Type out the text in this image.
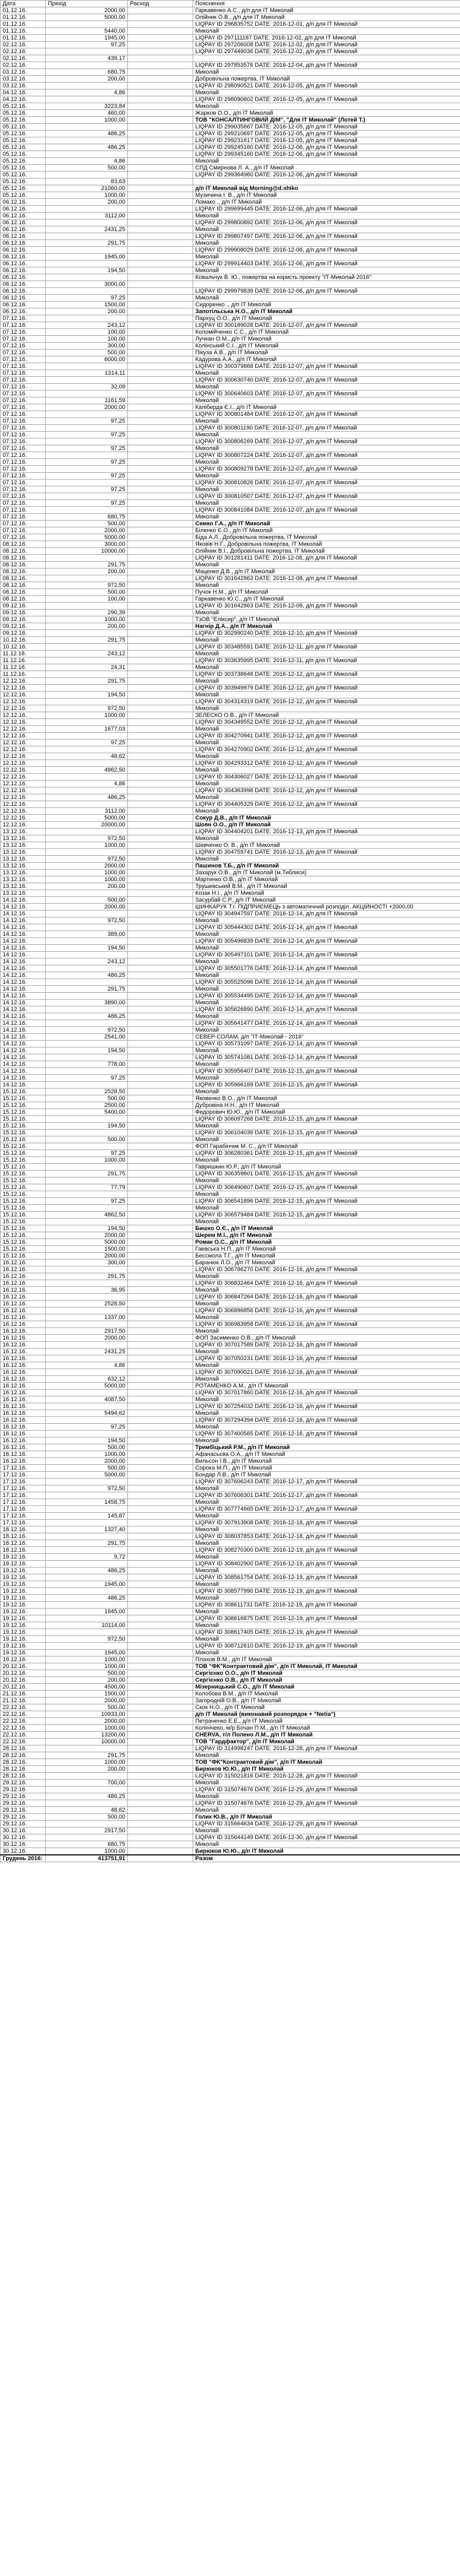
Дата	Прихід	Расход	Пояснення
01.12.16.	2000,00		Гаркавенко А.С., д/п для ІТ Миколай
01.12.16.	5000,00		Олійник О.В., д/п для ІТ Миколай
01.12.16.			LIQPAY ID 296835752 DATE: 2016-12-01, д/п для ІТ Миколай
01.12.16.	5440,00		Миколай
01.12.16.	1945,00		LIQPAY ID 297111187 DATE: 2016-12-02, д/п для ІТ Миколай
02.12.16.	97,25		LIQPAY ID 297206008 DATE: 2016-12-02, д/п для ІТ Миколай
02.12.16.			LIQPAY ID 297449036 DATE: 2016-12-02, д/п для ІТ Миколай
02.12.16.	439,17		
02.12.16.			LIQPAY ID 297853576 DATE: 2016-12-04, д/п для ІТ Миколай
03.12.16.	680,75		Миколай
03.12.16.	200,00		Добровільна пожертва, ІТ Миколай
03.12.16.			LIQPAY ID 298090521 DATE: 2016-12-05, д/п для ІТ Миколай
04.12.16.	4,86		Миколай
04.12.16.			LIQPAY ID 298090602 DATE: 2016-12-05, д/п для ІТ Миколай
05.12.16.	3223,84		Миколай
05.12.16.	460,00		Жарков О.О., д/п ІТ Миколай
05.12.16.	1000,00		ТОВ "КОНСАЛТИНГОВИЙ ДІМ", "Для ІТ Миколай" (Лотей Т.)
05.12.16.			LIQPAY ID 299035667 DATE: 2016-12-05, д/п для ІТ Миколай
05.12.16.	486,25		LIQPAY ID 299210697 DATE: 2016-12-05, д/п для ІТ Миколай
05.12.16.			LIQPAY ID 299231617 DATE: 2016-12-05, д/п для ІТ Миколай
05.12.16.	486,25		LIQPAY ID 299245160 DATE: 2016-12-06, д/п для ІТ Миколай
05.12.16.			LIQPAY ID 299345160 DATE: 2016-12-06, д/п для ІТ Миколай
05.12.16.	4,86		Миколай
05.12.16.	500,00		СПД Смирнова Л. А., д/п ІТ Миколай
05.12.16.			LIQPAY ID 299364960 DATE: 2016-12-06, д/п для ІТ Миколай
05.12.16.	83,63		
05.12.16.	21060,00		д/п ІТ Миколай від Morning@d.shiko
05.12.16.	1000,00		Музичина І. В., д/п ІТ Миколай
06.12.16.	200,00		Ломако ., д/п ІТ Миколай
06.12.16.			LIQPAY ID 299699445 DATE: 2016-12-06, д/п для ІТ Миколай
06.12.16.	3112,00		Миколай
06.12.16.			LIQPAY ID 299800892 DATE: 2016-12-06, д/п для ІТ Миколай
06.12.16.	2431,25		Миколай
06.12.16.			LIQPAY ID 299807497 DATE: 2016-12-06, д/п для ІТ Миколай
06.12.16.	291,75		Миколай
06.12.16.			LIQPAY ID 299908029 DATE: 2016-12-06, д/п для ІТ Миколай
06.12.16.	1945,00		Миколай
06.12.16.			LIQPAY ID 299914403 DATE: 2016-12-06, д/п для ІТ Миколай
06.12.16.	194,50		Миколай
06.12.16.			Ковальчук В. Ю., пожертва на користь проекту "ІТ-Миколай 2016"
06.12.16.	3000,00		
06.12.16.			LIQPAY ID 299979839 DATE: 2016-12-06, д/п для ІТ Миколай
06.12.16.	97,25		Миколай
06.12.16.	1500,00		Сидоренко ., д/п ІТ Миколай
06.12.16.	200,00		Запотільська Н.О., д/п ІТ Миколай
07.12.16.			Пархуц О.О., д/п ІТ Миколай
07.12.16.	243,12		LIQPAY ID 300189028 DATE: 2016-12-07, д/п для ІТ Миколай
07.12.16.	100,00		Коломійченко С.С., д/п ІТ Миколай
07.12.16.	100,00		Лучкан О.М., д/п ІТ Миколай
07.12.16.	300,00		Колінський С.І., д/п ІТ Миколай
07.12.16.	500,00		Пікуза А.В., д/п ІТ Миколай
07.12.16.	6000,00		Кадурова А.А., д/п ІТ Миколай
07.12.16.			LIQPAY ID 300379868 DATE: 2016-12-07, д/п для ІТ Миколай
07.12.16.	1314,11		Миколай
07.12.16.			LIQPAY ID 300630740 DATE: 2016-12-07, д/п для ІТ Миколай
07.12.16.	32,09		Миколай
07.12.16.			LIQPAY ID 300640603 DATE: 2016-12-07, д/п для ІТ Миколай
07.12.16.	1161,59		Миколай
07.12.16.	2000,00		Каліберда Є.І., д/п ІТ Миколай
07.12.16.			LIQPAY ID 300801484 DATE: 2016-12-07, д/п для ІТ Миколай
07.12.16.	97,25		Миколай
07.12.16.			LIQPAY ID 300801190 DATE: 2016-12-07, д/п для ІТ Миколай
07.12.16.	97,25		Миколай
07.12.16.			LIQPAY ID 300806269 DATE: 2016-12-07, д/п для ІТ Миколай
07.12.16.	97,25		Миколай
07.12.16.			LIQPAY ID 300807224 DATE: 2016-12-07, д/п для ІТ Миколай
07.12.16.	97,25		Миколай
07.12.16.			LIQPAY ID 300809278 DATE: 2016-12-07, д/п для ІТ Миколай
07.12.16.	97,25		Миколай
07.12.16.			LIQPAY ID 300810826 DATE: 2016-12-07, д/п для ІТ Миколай
07.12.16.	97,25		Миколай
07.12.16.			LIQPAY ID 300810507 DATE: 2016-12-07, д/п для ІТ Миколай
07.12.16.	97,25		Миколай
07.12.16.			LIQPAY ID 300841084 DATE: 2016-12-07, д/п для ІТ Миколай
07.12.16.	680,75		Миколай
07.12.16.	500,00		Семко Г.А., д/п ІТ Миколай
07.12.16.	2000,00		Біленко Є.О., д/п ІТ Миколай
07.12.16.	5000,00		Біда А.Л., Добровільна пожертва, ІТ Миколай
08.12.16.	3000,00		Яковів Н.Г., Добровільна пожертва, ІТ Миколай
08.12.16.	10000,00		Олійник В.І., Добровільна пожертва, ІТ Миколай
08.12.16.			LIQPAY ID 301281411 DATE: 2016-12-08, д/п для ІТ Миколай
08.12.16.	291,75		Миколай
08.12.16.	200,00		Маценко Д.В., д/п ІТ Миколай
08.12.16.			LIQPAY ID 301642863 DATE: 2016-12-08, д/п для ІТ Миколай
08.12.16.	972,50		Миколай
08.12.16.	500,00		Пучок Н.М., д/п ІТ Миколай
08.12.16.	100,00		Гаркавенко Ю.С., д/п ІТ Миколай
09.12.16.			LIQPAY ID 301642863 DATE: 2016-12-09, д/п для ІТ Миколай
09.12.16.	290,39		Миколай
09.12.16.	1000,00		ТзОВ "Еліксир", д/п ІТ Миколай
09.12.16.	200,00		Нагнір Д.А., д/п ІТ Миколай
09.12.16.			LIQPAY ID 302990240 DATE: 2016-12-10, д/п для ІТ Миколай
10.12.16.	291,75		Миколай
10.12.16.			LIQPAY ID 303485591 DATE: 2016-12-11, д/п для ІТ Миколай
11.12.16.	243,12		Миколай
11.12.16.			LIQPAY ID 303635995 DATE: 2016-12-11, д/п для ІТ Миколай
11.12.16.	24,31		Миколай
11.12.16.			LIQPAY ID 303738648 DATE: 2016-12-12, д/п для ІТ Миколай
12.12.16.	291,75		Миколай
12.12.16.			LIQPAY ID 303949979 DATE: 2016-12-12, д/п для ІТ Миколай
12.12.16.	194,50		Миколай
12.12.16.			LIQPAY ID 304314319 DATE: 2016-12-12, д/п для ІТ Миколай
12.12.16.	972,50		Миколай
12.12.16.	1000,00		ЗЕЛЕСКО О.В., д/п ІТ Миколай
12.12.16.			LIQPAY ID 304349552 DATE: 2016-12-12, д/п для ІТ Миколай
12.12.16.	1677,03		Миколай
12.12.16.			LIQPAY ID 304270941 DATE: 2016-12-12, д/п для ІТ Миколай
12.12.16.	97,25		Миколай
12.12.16.			LIQPAY ID 304270902 DATE: 2016-12-12, д/п для ІТ Миколай
12.12.16.	48,62		Миколай
12.12.16.			LIQPAY ID 304293312 DATE: 2016-12-12, д/п для ІТ Миколай
12.12.16.	4862,50		Миколай
12.12.16.			LIQPAY ID 304306027 DATE: 2016-12-12, д/п для ІТ Миколай
12.12.16.	4,86		Миколай
12.12.16.			LIQPAY ID 304363998 DATE: 2016-12-12, д/п для ІТ Миколай
12.12.16.	486,25		Миколай
12.12.16.			LIQPAY ID 304405329 DATE: 2016-12-12, д/п для ІТ Миколай
12.12.16.	3112,00		Миколай
12.12.16.	5000,00		Сокур Д.В., д/п ІТ Миколай
12.12.16.	20000,00		Шоян О.О., д/п ІТ Миколай
13.12.16.			LIQPAY ID 304404201 DATE: 2016-12-13, д/п для ІТ Миколай
13.12.16.	972,50		Миколай
13.12.16.	1000,00		Шевченко О. В., д/п ІТ Миколай
13.12.16.			LIQPAY ID 304759741 DATE: 2016-12-13, д/п для ІТ Миколай
13.12.16.	972,50		Миколай
13.12.16.	2000,00		Пашинов Т.Б., д/п ІТ Миколай
13.12.16.	1000,00		Захарук О.В., д/п ІТ Миколай (м.Тиблиси)
13.12.16.	1000,00		Мартинко О.В., д/п ІТ Миколай
13.12.16.	200,00		Трушевський В.М., д/п ІТ Миколай
13.12.16.			Козак Н.І., д/п ІТ Миколай
14.12.16.	500,00		Засурбай С.Р., д/п ІТ Миколай
14.12.16.	2000,00		ШИНКАРУК Т.І. ПІДПРИЄМЕЦЬ з автоматичний розподіл, АКЦІЙНОСТІ +2000,00
14.12.16.			LIQPAY ID 304947597 DATE: 2016-12-14, д/п для ІТ Миколай
14.12.16.	972,50		Миколай
14.12.16.			LIQPAY ID 305444302 DATE: 2016-12-14, д/п для ІТ Миколай
14.12.16.	389,00		Миколай
14.12.16.			LIQPAY ID 305496839 DATE: 2016-12-14, д/п для ІТ Миколай
14.12.16.	194,50		Миколай
14.12.16.			LIQPAY ID 305497101 DATE: 2016-12-14, д/п для ІТ Миколай
14.12.16.	243,12		Миколай
14.12.16.			LIQPAY ID 305501776 DATE: 2016-12-14, д/п для ІТ Миколай
14.12.16.	486,25		Миколай
14.12.16.			LIQPAY ID 305525096 DATE: 2016-12-14, д/п для ІТ Миколай
14.12.16.	291,75		Миколай
14.12.16.			LIQPAY ID 305534495 DATE: 2016-12-14, д/п для ІТ Миколай
14.12.16.	3890,00		Миколай
14.12.16.			LIQPAY ID 305626890 DATE: 2016-12-14, д/п для ІТ Миколай
14.12.16.	486,25		Миколай
14.12.16.			LIQPAY ID 305641477 DATE: 2016-12-14, д/п для ІТ Миколай
14.12.16.	972,50		Миколай
14.12.16.	2541,00		СЕВЕР-СОЛАМ, д/п "ІТ-Миколай - 2016"
14.12.16.			LIQPAY ID 305731097 DATE: 2016-12-14, д/п для ІТ Миколай
14.12.16.	194,50		Миколай
14.12.16.			LIQPAY ID 305741081 DATE: 2016-12-14, д/п для ІТ Миколай
14.12.16.	778,00		Миколай
14.12.16.			LIQPAY ID 305956407 DATE: 2016-12-15, д/п для ІТ Миколай
14.12.16.	97,25		Миколай
14.12.16.			LIQPAY ID 305966169 DATE: 2016-12-15, д/п для ІТ Миколай
15.12.16.	2528,50		Миколай
15.12.16.	500,00		Яковенко В.О., д/п ІТ Миколай
15.12.16.	2500,00		Дубровіна Н.Н., д/п ІТ Миколай
15.12.16.	5400,00		Федорович Ю.Ю., д/п ІТ Миколай
15.12.16.			LIQPAY ID 306097268 DATE: 2016-12-15, д/п для ІТ Миколай
15.12.16.	194,50		Миколай
15.12.16.			LIQPAY ID 306104039 DATE: 2016-12-15, д/п для ІТ Миколай
15.12.16.	500,00		Миколай
15.12.16.			ФОП Гарабінчик М. С., д/п ІТ Миколай
15.12.16.	97,25		LIQPAY ID 306280361 DATE: 2016-12-15, д/п для ІТ Миколай
15.12.16.	1000,00		Миколай
15.12.16.			Гавришкин Ю.Р., д/п ІТ Миколай
15.12.16.	291,75		LIQPAY ID 306359601 DATE: 2016-12-15, д/п для ІТ Миколай
15.12.16.			Миколай
15.12.16.	77,79		LIQPAY ID 306490607 DATE: 2016-12-15, д/п для ІТ Миколай
15.12.16.			Миколай
15.12.16.	97,25		LIQPAY ID 306541896 DATE: 2016-12-15, д/п для ІТ Миколай
15.12.16.			Миколай
15.12.16.	4862,50		LIQPAY ID 306579484 DATE: 2016-12-15, д/п для ІТ Миколай
15.12.16.			Миколай
15.12.16.	194,50		Бишко О.Є., д/п ІТ Миколай
15.12.16.	2000,00		Шерем М.І., д/п ІТ Миколай
15.12.16.	5000,00		Ромак О.С., д/п ІТ Миколай
15.12.16.	1500,00		Гаевська Н.П., д/п ІТ Миколай
15.12.16.	2000,00		Бессмола Т.Г., д/п ІТ Миколай
16.12.16.	300,00		Баранюк Л.О., д/п ІТ Миколай
16.12.16.			LIQPAY ID 306786270 DATE: 2016-12-16, д/п для ІТ Миколай
16.12.16.	291,75		Миколай
16.12.16.			LIQPAY ID 306832464 DATE: 2016-12-16, д/п для ІТ Миколай
16.12.16.	36,95		Миколай
16.12.16.			LIQPAY ID 306847264 DATE: 2016-12-16, д/п для ІТ Миколай
16.12.16.	2528,50		Миколай
16.12.16.			LIQPAY ID 306896856 DATE: 2016-12-16, д/п для ІТ Миколай
16.12.16.	1337,00		Миколай
16.12.16.			LIQPAY ID 306983958 DATE: 2016-12-16, д/п для ІТ Миколай
16.12.16.	2917,50		Миколай
16.12.16.	2000,00		ФОП Засименко О.В., д/п ІТ Миколай
16.12.16.			LIQPAY ID 307017589 DATE: 2016-12-16, д/п для ІТ Миколай
16.12.16.	2431,25		Миколай
16.12.16.			LIQPAY ID 307050231 DATE: 2016-12-16, д/п для ІТ Миколай
16.12.16.	4,86		Миколай
16.12.16.			LIQPAY ID 307090021 DATE: 2016-12-16, д/п для ІТ Миколай
16.12.16.	632,12		Миколай
16.12.16.	5000,00		РОТАМЕНКО А.М., д/п ІТ Миколай
16.12.16.			LIQPAY ID 307017860 DATE: 2016-12-16, д/п для ІТ Миколай
16.12.16.	4087,50		Миколай
16.12.16.			LIQPAY ID 307254032 DATE: 2016-12-16, д/п для ІТ Миколай
16.12.16.	5494,62		Миколай
16.12.16.			LIQPAY ID 307294394 DATE: 2016-12-16, д/п для ІТ Миколай
16.12.16.	97,25		Миколай
16.12.16.			LIQPAY ID 307400565 DATE: 2016-12-16, д/п для ІТ Миколай
16.12.16.	194,50		Миколай
16.12.16.	500,00		Трембіцький Р.М., д/п ІТ Миколай
16.12.16.	1000,00		Афанасьєва О.А., д/п ІТ Миколай
16.12.16.	2000,00		Вильсон І.В., д/п ІТ Миколай
17.12.16.	500,00		Сорока М.П., д/п ІТ Миколай
17.12.16.	5000,00		Бондар Л.В., д/п ІТ Миколай
17.12.16.			LIQPAY ID 307606243 DATE: 2016-12-17, д/п для ІТ Миколай
17.12.16.	972,50		Миколай
17.12.16.			LIQPAY ID 307606301 DATE: 2016-12-17, д/п для ІТ Миколай
17.12.16.	1458,75		Миколай
17.12.16.			LIQPAY ID 307774665 DATE: 2016-12-17, д/п для ІТ Миколай
17.12.16.	145,87		Миколай
17.12.16.			LIQPAY ID 307913908 DATE: 2016-12-18, д/п для ІТ Миколай
18.12.16.	1327,40		Миколай
18.12.16.			LIQPAY ID 308037853 DATE: 2016-12-18, д/п для ІТ Миколай
18.12.16.	291,75		Миколай
18.12.16.			LIQPAY ID 308270300 DATE: 2016-12-19, д/п для ІТ Миколай
19.12.16.	9,72		Миколай
19.12.16.			LIQPAY ID 308402900 DATE: 2016-12-19, д/п для ІТ Миколай
19.12.16.	486,25		Миколай
19.12.16.			LIQPAY ID 308561754 DATE: 2016-12-19, д/п для ІТ Миколай
19.12.16.	1945,00		Миколай
19.12.16.			LIQPAY ID 308577990 DATE: 2016-12-19, д/п для ІТ Миколай
19.12.16.	486,25		Миколай
19.12.16.			LIQPAY ID 308611731 DATE: 2016-12-19, д/п для ІТ Миколай
19.12.16.	1945,00		Миколай
19.12.16.			LIQPAY ID 308616875 DATE: 2016-12-19, д/п для ІТ Миколай
19.12.16.	10114,00		Миколай
19.12.16.			LIQPAY ID 308617405 DATE: 2016-12-19, д/п для ІТ Миколай
19.12.16.	972,50		Миколай
19.12.16.			LIQPAY ID 308712610 DATE: 2016-12-19, д/п для ІТ Миколай
19.12.16.	1945,00		Миколай
19.12.16.	1000,00		Плахов В.М., д/п ІТ Миколай
20.12.16.	1000,00		ТОВ "ФК"Контрактовий дім", д/п ІТ Миколай, ІТ Миколай
20.12.16.	500,00		Сергієнко О.О., д/п ІТ Миколай
20.12.16.	200,00		Сергієнко О.В., д/п ІТ Миколай
20.12.16.	4500,00		Мізерницький С.О., д/п ІТ Миколай
21.12.16.	1500,00		Колобова В.М., д/п ІТ Миколай
21.12.16.	2000,00		Загородній О.В., д/п ІТ Миколай
22.12.16.	500,00		Скок Н.О., д/п ІТ Миколай
22.12.16.	10933,00		д/п ІТ Миколай (виконавий розпорядок + "Netia")
22.12.16.	2000,00		Петраченко Е.Е., д/п ІТ Миколай
22.12.16.	1000,00		Колінічеко, м/р Бочан П.М., д/п ІТ Миколай
22.12.16.	13200,00		CHERVA, т/л Полено Л.М., д/п ІТ Миколай
22.12.16.	10000,00		ТОВ "Гардфактор", д/п ІТ Миколай
28.12.16.			LIQPAY ID 314998247 DATE: 2016-12-28, д/п для ІТ Миколай
28.12.16.	291,75		Миколай
28.12.16.	1000,00		ТОВ "ФК"Контрактовий дім", д/п ІТ Миколай
28.12.16.	200,00		Бирюков Ю.Ю., д/п ІТ Миколай
28.12.16.			LIQPAY ID 315021816 DATE: 2016-12-28, д/п для ІТ Миколай
29.12.16.	700,00		Миколай
29.12.16.			LIQPAY ID 315074676 DATE: 2016-12-29, д/п для ІТ Миколай
29.12.16.	486,25		Миколай
29.12.16.			LIQPAY ID 315074676 DATE: 2016-12-29, д/п для ІТ Миколай
29.12.16.	48,62		Миколай
29.12.16.	500,00		Голик Ю.В., д/п ІТ Миколай
29.12.16.			LIQPAY ID 315664634 DATE: 2016-12-29, д/п для ІТ Миколай
30.12.16.	2917,50		Миколай
30.12.16.			LIQPAY ID 315644149 DATE: 2016-12-30, д/п для ІТ Миколай
30.12.16.	680,75		Миколай
30.12.16.	1000,00		Бирюков Ю.Ю., д/п ІТ Миколай
Грудень 2016:	413751,91		Разом
